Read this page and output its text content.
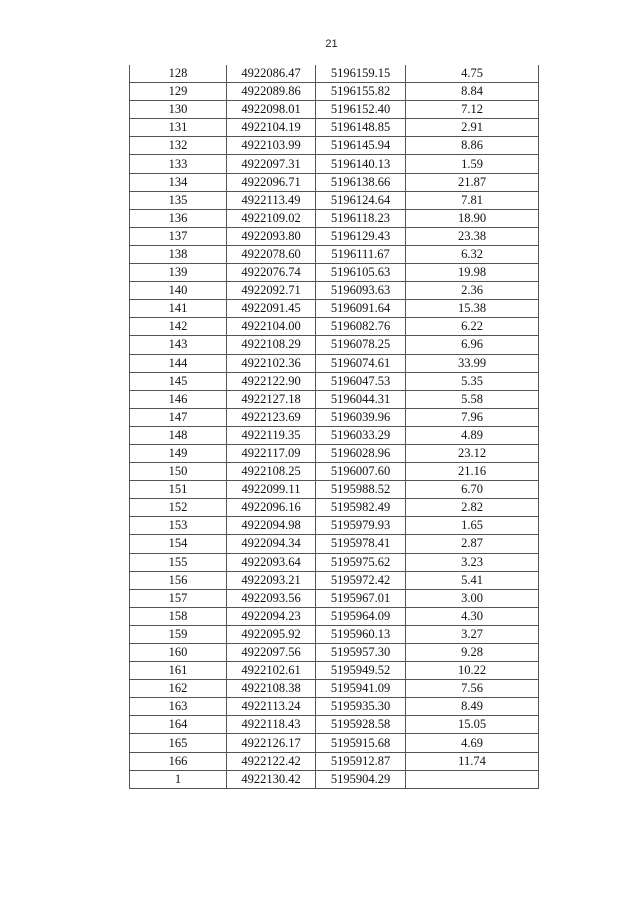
21
128	4922086.47	5196159.15	4.75
129	4922089.86	5196155.82	8.84
130	4922098.01	5196152.40	7.12
131	4922104.19	5196148.85	2.91
132	4922103.99	5196145.94	8.86
133	4922097.31	5196140.13	1.59
134	4922096.71	5196138.66	21.87
135	4922113.49	5196124.64	7.81
136	4922109.02	5196118.23	18.90
137	4922093.80	5196129.43	23.38
138	4922078.60	5196111.67	6.32
139	4922076.74	5196105.63	19.98
140	4922092.71	5196093.63	2.36
141	4922091.45	5196091.64	15.38
142	4922104.00	5196082.76	6.22
143	4922108.29	5196078.25	6.96
144	4922102.36	5196074.61	33.99
145	4922122.90	5196047.53	5.35
146	4922127.18	5196044.31	5.58
147	4922123.69	5196039.96	7.96
148	4922119.35	5196033.29	4.89
149	4922117.09	5196028.96	23.12
150	4922108.25	5196007.60	21.16
151	4922099.11	5195988.52	6.70
152	4922096.16	5195982.49	2.82
153	4922094.98	5195979.93	1.65
154	4922094.34	5195978.41	2.87
155	4922093.64	5195975.62	3.23
156	4922093.21	5195972.42	5.41
157	4922093.56	5195967.01	3.00
158	4922094.23	5195964.09	4.30
159	4922095.92	5195960.13	3.27
160	4922097.56	5195957.30	9.28
161	4922102.61	5195949.52	10.22
162	4922108.38	5195941.09	7.56
163	4922113.24	5195935.30	8.49
164	4922118.43	5195928.58	15.05
165	4922126.17	5195915.68	4.69
166	4922122.42	5195912.87	11.74
1	4922130.42	5195904.29	
